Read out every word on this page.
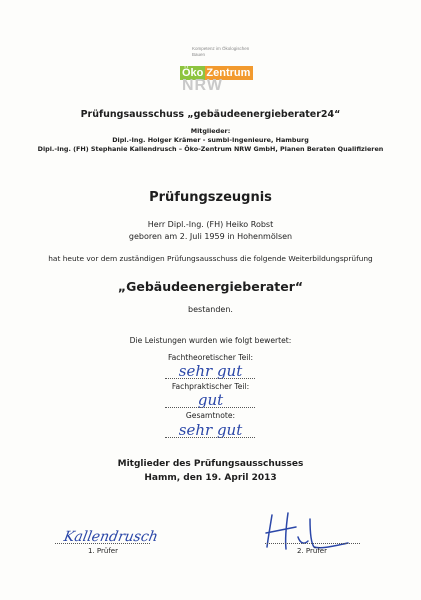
Kompetenz im Ökologischen Bauen
Öko Zentrum
NRW
Prüfungsausschuss „gebäudeenergieberater24“
Mitglieder:
Dipl.-Ing. Holger Krämer - sumbi-Ingenieure, Hamburg
Dipl.-Ing. (FH) Stephanie Kallendrusch – Öko-Zentrum NRW GmbH, Planen Beraten Qualifizieren
Prüfungszeugnis
Herr Dipl.-Ing. (FH) Heiko Robst
geboren am 2. Juli 1959 in Hohenmölsen
hat heute vor dem zuständigen Prüfungsausschuss die folgende Weiterbildungsprüfung
„Gebäudeenergieberater“
bestanden.
Die Leistungen wurden wie folgt bewertet:
Fachtheoretischer Teil:
sehr gut
Fachpraktischer Teil:
gut
Gesamtnote:
sehr gut
Mitglieder des Prüfungsausschusses
Hamm, den 19. April 2013
Kallendrusch
1. Prüfer	2. Prüfer
